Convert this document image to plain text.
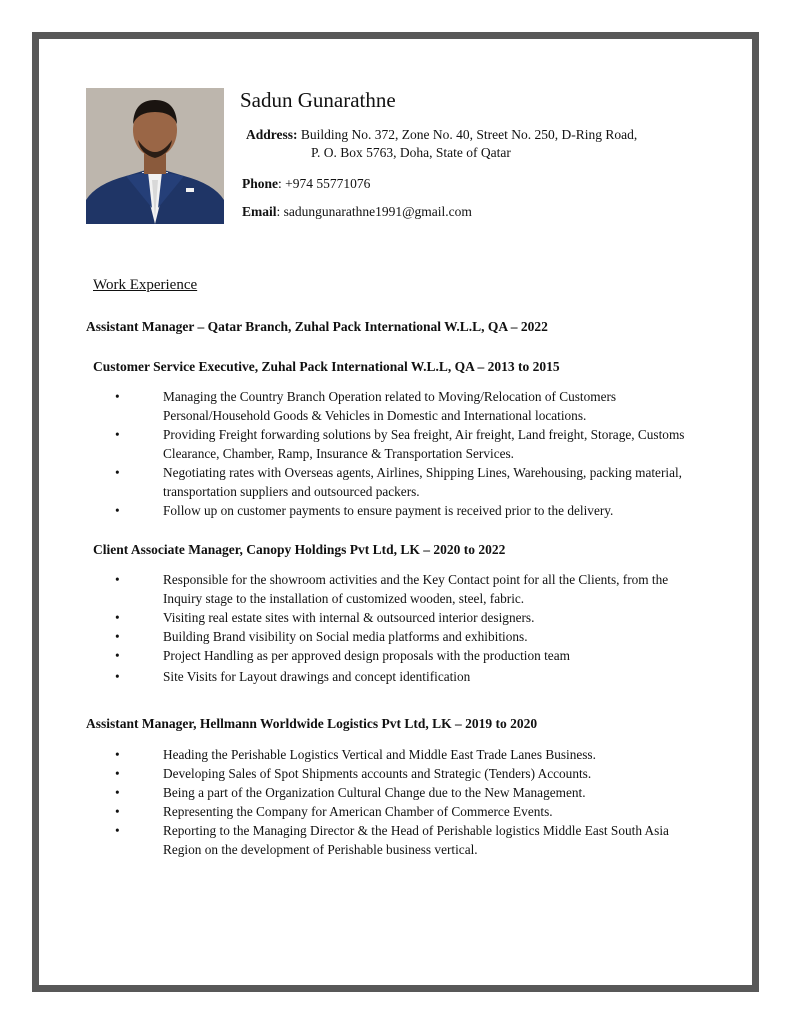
Sadun Gunarathne
Address: Building No. 372, Zone No. 40, Street No. 250, D-Ring Road,
P. O. Box 5763, Doha, State of Qatar
Phone: +974 55771076
Email: sadungunarathne1991@gmail.com
Work Experience
Assistant Manager – Qatar Branch, Zuhal Pack International W.L.L, QA – 2022
Customer Service Executive, Zuhal Pack International W.L.L, QA – 2013 to 2015
• Managing the Country Branch Operation related to Moving/Relocation of Customers Personal/Household Goods & Vehicles in Domestic and International locations.
• Providing Freight forwarding solutions by Sea freight, Air freight, Land freight, Storage, Customs Clearance, Chamber, Ramp, Insurance & Transportation Services.
• Negotiating rates with Overseas agents, Airlines, Shipping Lines, Warehousing, packing material, transportation suppliers and outsourced packers.
• Follow up on customer payments to ensure payment is received prior to the delivery.
Client Associate Manager, Canopy Holdings Pvt Ltd, LK – 2020 to 2022
• Responsible for the showroom activities and the Key Contact point for all the Clients, from the Inquiry stage to the installation of customized wooden, steel, fabric.
• Visiting real estate sites with internal & outsourced interior designers.
• Building Brand visibility on Social media platforms and exhibitions.
• Project Handling as per approved design proposals with the production team
• Site Visits for Layout drawings and concept identification
Assistant Manager, Hellmann Worldwide Logistics Pvt Ltd, LK – 2019 to 2020
• Heading the Perishable Logistics Vertical and Middle East Trade Lanes Business.
• Developing Sales of Spot Shipments accounts and Strategic (Tenders) Accounts.
• Being a part of the Organization Cultural Change due to the New Management.
• Representing the Company for American Chamber of Commerce Events.
• Reporting to the Managing Director & the Head of Perishable logistics Middle East South Asia Region on the development of Perishable business vertical.
